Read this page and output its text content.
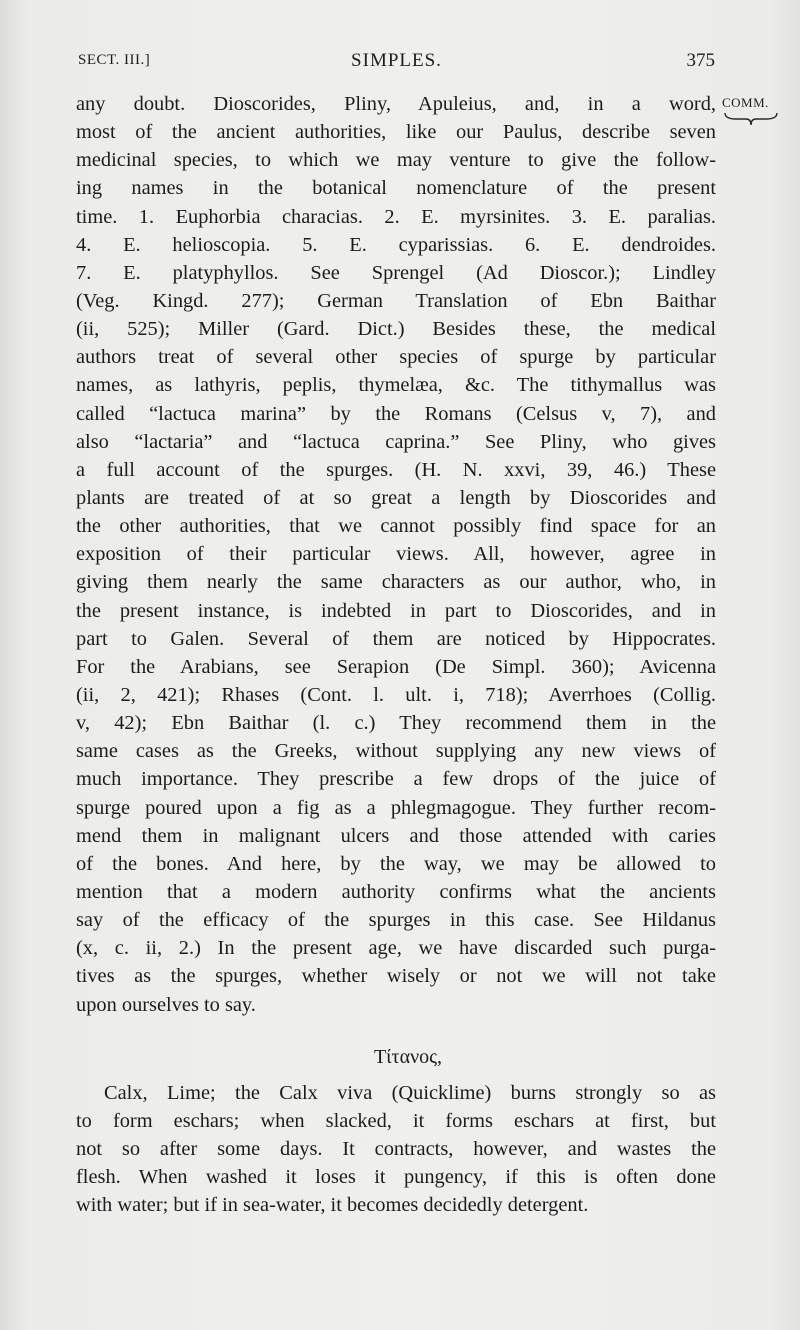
SECT. III.]	SIMPLES.	375
COMM.
any doubt. Dioscorides, Pliny, Apuleius, and, in a word,
most of the ancient authorities, like our Paulus, describe seven
medicinal species, to which we may venture to give the follow-
ing names in the botanical nomenclature of the present
time. 1. Euphorbia characias. 2. E. myrsinites. 3. E. paralias.
4. E. helioscopia. 5. E. cyparissias. 6. E. dendroides.
7. E. platyphyllos. See Sprengel (Ad Dioscor.); Lindley
(Veg. Kingd. 277); German Translation of Ebn Baithar
(ii, 525); Miller (Gard. Dict.) Besides these, the medical
authors treat of several other species of spurge by particular
names, as lathyris, peplis, thymelæa, &c. The tithymallus was
called “lactuca marina” by the Romans (Celsus v, 7), and
also “lactaria” and “lactuca caprina.” See Pliny, who gives
a full account of the spurges. (H. N. xxvi, 39, 46.) These
plants are treated of at so great a length by Dioscorides and
the other authorities, that we cannot possibly find space for an
exposition of their particular views. All, however, agree in
giving them nearly the same characters as our author, who, in
the present instance, is indebted in part to Dioscorides, and in
part to Galen. Several of them are noticed by Hippocrates.
For the Arabians, see Serapion (De Simpl. 360); Avicenna
(ii, 2, 421); Rhases (Cont. l. ult. i, 718); Averrhoes (Collig.
v, 42); Ebn Baithar (l. c.) They recommend them in the
same cases as the Greeks, without supplying any new views of
much importance. They prescribe a few drops of the juice of
spurge poured upon a fig as a phlegmagogue. They further recom-
mend them in malignant ulcers and those attended with caries
of the bones. And here, by the way, we may be allowed to
mention that a modern authority confirms what the ancients
say of the efficacy of the spurges in this case. See Hildanus
(x, c. ii, 2.) In the present age, we have discarded such purga-
tives as the spurges, whether wisely or not we will not take
upon ourselves to say.
Τίτανος,
Calx, Lime; the Calx viva (Quicklime) burns strongly so as
to form eschars; when slacked, it forms eschars at first, but
not so after some days. It contracts, however, and wastes the
flesh. When washed it loses it pungency, if this is often done
with water; but if in sea-water, it becomes decidedly detergent.
